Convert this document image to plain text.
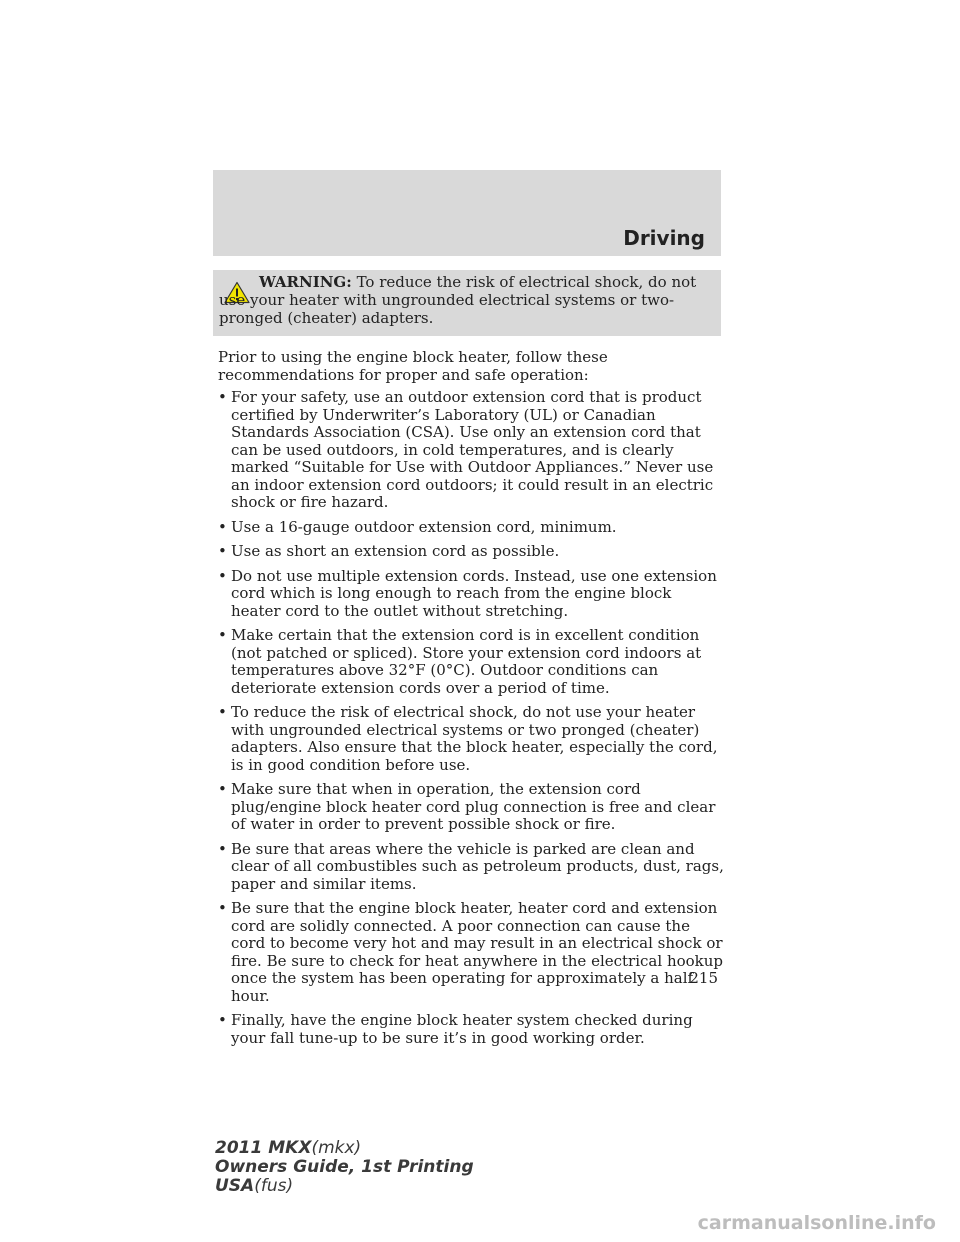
Driving
WARNING: To reduce the risk of electrical shock, do not use your heater with ungrounded electrical systems or two-pronged (cheater) adapters.

Prior to using the engine block heater, follow these recommendations for proper and safe operation:

• For your safety, use an outdoor extension cord that is product certified by Underwriter’s Laboratory (UL) or Canadian Standards Association (CSA). Use only an extension cord that can be used outdoors, in cold temperatures, and is clearly marked “Suitable for Use with Outdoor Appliances.” Never use an indoor extension cord outdoors; it could result in an electric shock or fire hazard.
• Use a 16-gauge outdoor extension cord, minimum.
• Use as short an extension cord as possible.
• Do not use multiple extension cords. Instead, use one extension cord which is long enough to reach from the engine block heater cord to the outlet without stretching.
• Make certain that the extension cord is in excellent condition (not patched or spliced). Store your extension cord indoors at temperatures above 32°F (0°C). Outdoor conditions can deteriorate extension cords over a period of time.
• To reduce the risk of electrical shock, do not use your heater with ungrounded electrical systems or two pronged (cheater) adapters. Also ensure that the block heater, especially the cord, is in good condition before use.
• Make sure that when in operation, the extension cord plug/engine block heater cord plug connection is free and clear of water in order to prevent possible shock or fire.
• Be sure that areas where the vehicle is parked are clean and clear of all combustibles such as petroleum products, dust, rags, paper and similar items.
• Be sure that the engine block heater, heater cord and extension cord are solidly connected. A poor connection can cause the cord to become very hot and may result in an electrical shock or fire. Be sure to check for heat anywhere in the electrical hookup once the system has been operating for approximately a half hour.
• Finally, have the engine block heater system checked during your fall tune-up to be sure it’s in good working order.
215
2011 MKX(mkx)
Owners Guide, 1st Printing
USA(fus)
carmanualsonline.info
